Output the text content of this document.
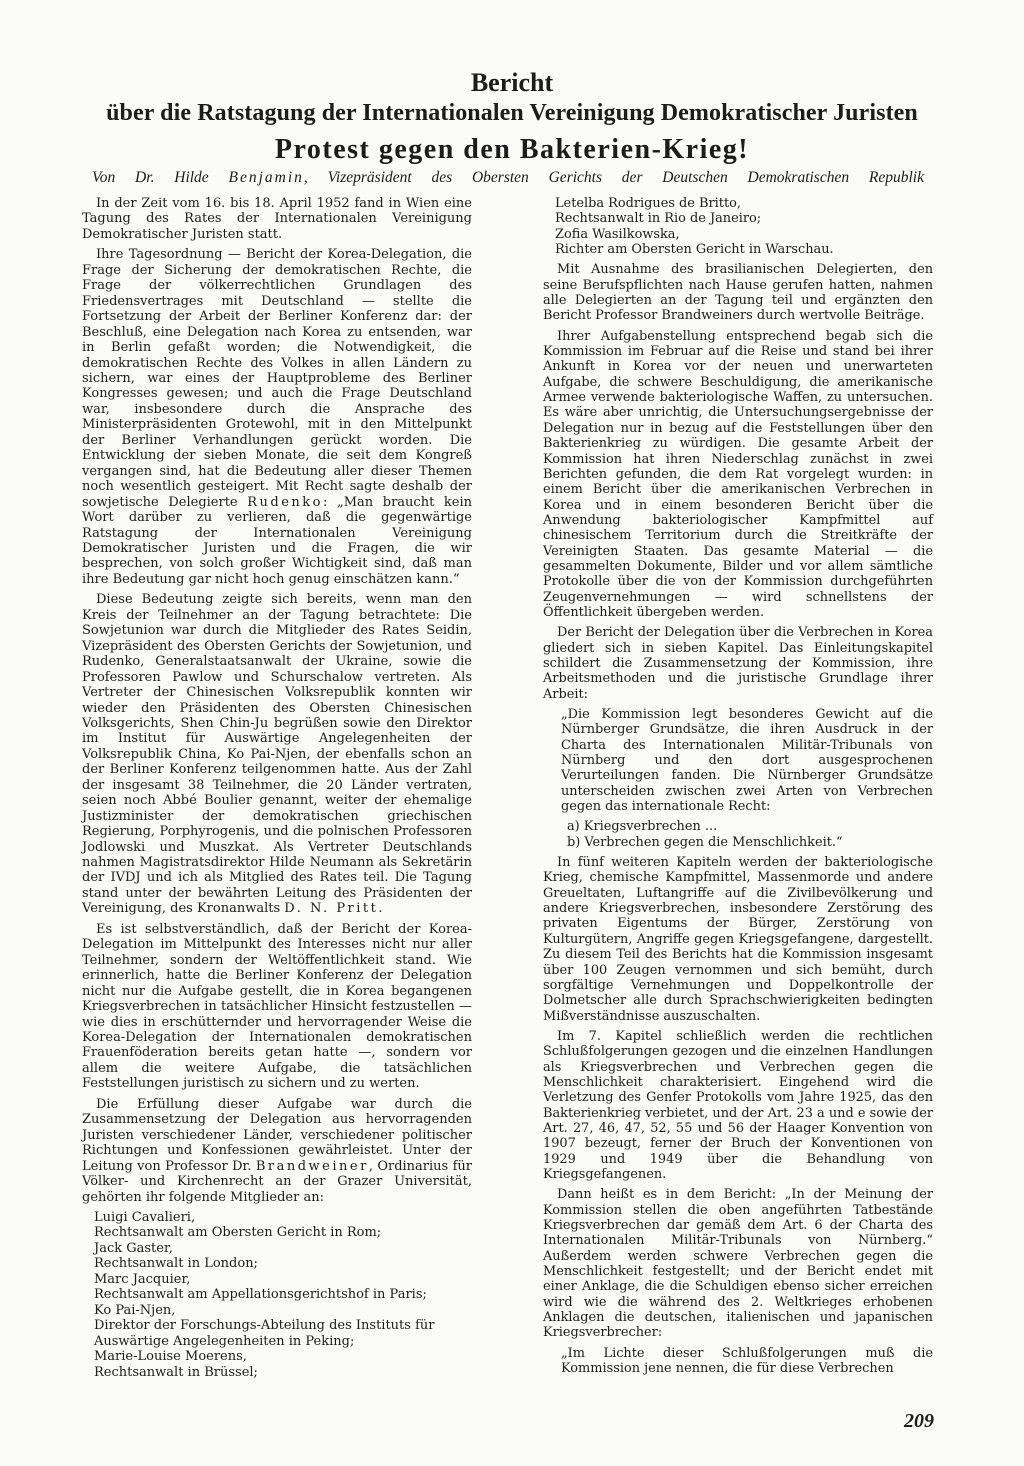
Bericht
über die Ratstagung der Internationalen Vereinigung Demokratischer Juristen
Protest gegen den Bakterien-Krieg!
Von Dr. Hilde Benjamin, Vizepräsident des Obersten Gerichts der Deutschen Demokratischen Republik

In der Zeit vom 16. bis 18. April 1952 fand in Wien eine Tagung des Rates der Internationalen Vereinigung Demokratischer Juristen statt.

Ihre Tagesordnung — Bericht der Korea-Delegation, die Frage der Sicherung der demokratischen Rechte, die Frage der völkerrechtlichen Grundlagen des Friedensvertrages mit Deutschland — stellte die Fortsetzung der Arbeit der Berliner Konferenz dar: der Beschluß, eine Delegation nach Korea zu entsenden, war in Berlin gefaßt worden; die Notwendigkeit, die demokratischen Rechte des Volkes in allen Ländern zu sichern, war eines der Hauptprobleme des Berliner Kongresses gewesen; und auch die Frage Deutschland war, insbesondere durch die Ansprache des Ministerpräsidenten Grotewohl, mit in den Mittelpunkt der Berliner Verhandlungen gerückt worden. Die Entwicklung der sieben Monate, die seit dem Kongreß vergangen sind, hat die Bedeutung aller dieser Themen noch wesentlich gesteigert. Mit Recht sagte deshalb der sowjetische Delegierte Rudenko: „Man braucht kein Wort darüber zu verlieren, daß die gegenwärtige Ratstagung der Internationalen Vereinigung Demokratischer Juristen und die Fragen, die wir besprechen, von solch großer Wichtigkeit sind, daß man ihre Bedeutung gar nicht hoch genug einschätzen kann.“

Diese Bedeutung zeigte sich bereits, wenn man den Kreis der Teilnehmer an der Tagung betrachtete: Die Sowjetunion war durch die Mitglieder des Rates Seidin, Vizepräsident des Obersten Gerichts der Sowjetunion, und Rudenko, Generalstaatsanwalt der Ukraine, sowie die Professoren Pawlow und Schurschalow vertreten. Als Vertreter der Chinesischen Volksrepublik konnten wir wieder den Präsidenten des Obersten Chinesischen Volksgerichts, Shen Chin-Ju begrüßen sowie den Direktor im Institut für Auswärtige Angelegenheiten der Volksrepublik China, Ko Pai-Njen, der ebenfalls schon an der Berliner Konferenz teilgenommen hatte. Aus der Zahl der insgesamt 38 Teilnehmer, die 20 Länder vertraten, seien noch Abbé Boulier genannt, weiter der ehemalige Justizminister der demokratischen griechischen Regierung, Porphyrogenis, und die polnischen Professoren Jodlowski und Muszkat. Als Vertreter Deutschlands nahmen Magistratsdirektor Hilde Neumann als Sekretärin der IVDJ und ich als Mitglied des Rates teil. Die Tagung stand unter der bewährten Leitung des Präsidenten der Vereinigung, des Kronanwalts D. N. Pritt.

Es ist selbstverständlich, daß der Bericht der Korea-Delegation im Mittelpunkt des Interesses nicht nur aller Teilnehmer, sondern der Weltöffentlichkeit stand. Wie erinnerlich, hatte die Berliner Konferenz der Delegation nicht nur die Aufgabe gestellt, die in Korea begangenen Kriegsverbrechen in tatsächlicher Hinsicht festzustellen — wie dies in erschütternder und hervorragender Weise die Korea-Delegation der Internationalen demokratischen Frauenföderation bereits getan hatte —, sondern vor allem die weitere Aufgabe, die tatsächlichen Feststellungen juristisch zu sichern und zu werten.

Die Erfüllung dieser Aufgabe war durch die Zusammensetzung der Delegation aus hervorragenden Juristen verschiedener Länder, verschiedener politischer Richtungen und Konfessionen gewährleistet. Unter der Leitung von Professor Dr. Brandweiner, Ordinarius für Völker- und Kirchenrecht an der Grazer Universität, gehörten ihr folgende Mitglieder an:

Luigi Cavalieri,
Rechtsanwalt am Obersten Gericht in Rom;
Jack Gaster,
Rechtsanwalt in London;
Marc Jacquier,
Rechtsanwalt am Appellationsgerichtshof in Paris;
Ko Pai-Njen,
Direktor der Forschungs-Abteilung des Instituts für Auswärtige Angelegenheiten in Peking;
Marie-Louise Moerens,
Rechtsanwalt in Brüssel;
Letelba Rodrigues de Britto,
Rechtsanwalt in Rio de Janeiro;
Zofia Wasilkowska,
Richter am Obersten Gericht in Warschau.

Mit Ausnahme des brasilianischen Delegierten, den seine Berufspflichten nach Hause gerufen hatten, nahmen alle Delegierten an der Tagung teil und ergänzten den Bericht Professor Brandweiners durch wertvolle Beiträge.

Ihrer Aufgabenstellung entsprechend begab sich die Kommission im Februar auf die Reise und stand bei ihrer Ankunft in Korea vor der neuen und unerwarteten Aufgabe, die schwere Beschuldigung, die amerikanische Armee verwende bakteriologische Waffen, zu untersuchen. Es wäre aber unrichtig, die Untersuchungsergebnisse der Delegation nur in bezug auf die Feststellungen über den Bakterienkrieg zu würdigen. Die gesamte Arbeit der Kommission hat ihren Niederschlag zunächst in zwei Berichten gefunden, die dem Rat vorgelegt wurden: in einem Bericht über die amerikanischen Verbrechen in Korea und in einem besonderen Bericht über die Anwendung bakteriologischer Kampfmittel auf chinesischem Territorium durch die Streitkräfte der Vereinigten Staaten. Das gesamte Material — die gesammelten Dokumente, Bilder und vor allem sämtliche Protokolle über die von der Kommission durchgeführten Zeugenvernehmungen — wird schnellstens der Öffentlichkeit übergeben werden.

Der Bericht der Delegation über die Verbrechen in Korea gliedert sich in sieben Kapitel. Das Einleitungskapitel schildert die Zusammensetzung der Kommission, ihre Arbeitsmethoden und die juristische Grundlage ihrer Arbeit:

„Die Kommission legt besonderes Gewicht auf die Nürnberger Grundsätze, die ihren Ausdruck in der Charta des Internationalen Militär-Tribunals von Nürnberg und den dort ausgesprochenen Verurteilungen fanden. Die Nürnberger Grundsätze unterscheiden zwischen zwei Arten von Verbrechen gegen das internationale Recht:

a) Kriegsverbrechen ...
b) Verbrechen gegen die Menschlichkeit.“

In fünf weiteren Kapiteln werden der bakteriologische Krieg, chemische Kampfmittel, Massenmorde und andere Greueltaten, Luftangriffe auf die Zivilbevölkerung und andere Kriegsverbrechen, insbesondere Zerstörung des privaten Eigentums der Bürger, Zerstörung von Kulturgütern, Angriffe gegen Kriegsgefangene, dargestellt. Zu diesem Teil des Berichts hat die Kommission insgesamt über 100 Zeugen vernommen und sich bemüht, durch sorgfältige Vernehmungen und Doppelkontrolle der Dolmetscher alle durch Sprachschwierigkeiten bedingten Mißverständnisse auszuschalten.

Im 7. Kapitel schließlich werden die rechtlichen Schlußfolgerungen gezogen und die einzelnen Handlungen als Kriegsverbrechen und Verbrechen gegen die Menschlichkeit charakterisiert. Eingehend wird die Verletzung des Genfer Protokolls vom Jahre 1925, das den Bakterienkrieg verbietet, und der Art. 23 a und e sowie der Art. 27, 46, 47, 52, 55 und 56 der Haager Konvention von 1907 bezeugt, ferner der Bruch der Konventionen von 1929 und 1949 über die Behandlung von Kriegsgefangenen.

Dann heißt es in dem Bericht: „In der Meinung der Kommission stellen die oben angeführten Tatbestände Kriegsverbrechen dar gemäß dem Art. 6 der Charta des Internationalen Militär-Tribunals von Nürnberg.“ Außerdem werden schwere Verbrechen gegen die Menschlichkeit festgestellt; und der Bericht endet mit einer Anklage, die die Schuldigen ebenso sicher erreichen wird wie die während des 2. Weltkrieges erhobenen Anklagen die deutschen, italienischen und japanischen Kriegsverbrecher:

„Im Lichte dieser Schlußfolgerungen muß die Kommission jene nennen, die für diese Verbrechen

209
